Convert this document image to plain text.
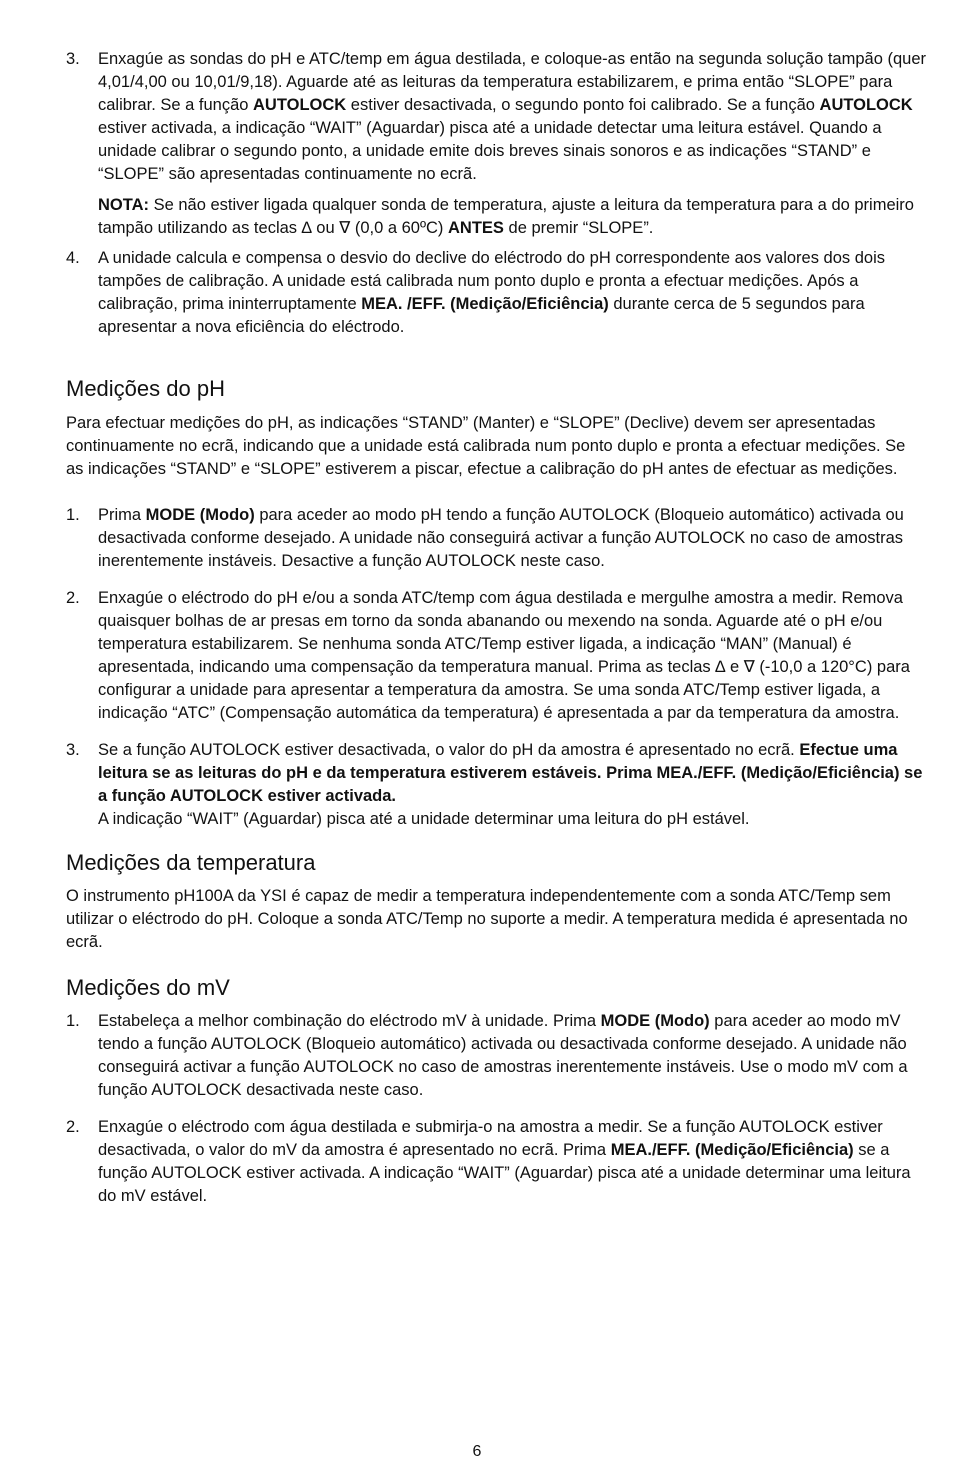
3. Enxagúe as sondas do pH e ATC/temp em água destilada, e coloque-as então na segunda solução tampão (quer 4,01/4,00 ou 10,01/9,18). Aguarde até as leituras da temperatura estabilizarem, e prima então “SLOPE” para calibrar. Se a função AUTOLOCK estiver desactivada, o segundo ponto foi calibrado. Se a função AUTOLOCK estiver activada, a indicação “WAIT” (Aguardar) pisca até a unidade detectar uma leitura estável. Quando a unidade calibrar o segundo ponto, a unidade emite dois breves sinais sonoros e as indicações “STAND” e “SLOPE” são apresentadas continuamente no ecrã.
NOTA: Se não estiver ligada qualquer sonda de temperatura, ajuste a leitura da temperatura para a do primeiro tampão utilizando as teclas ∆ ou ∇ (0,0 a 60ºC) ANTES de premir “SLOPE”.
4. A unidade calcula e compensa o desvio do declive do eléctrodo do pH correspondente aos valores dos dois tampões de calibração. A unidade está calibrada num ponto duplo e pronta a efectuar medições. Após a calibração, prima ininterruptamente MEA. /EFF. (Medição/Eficiência) durante cerca de 5 segundos para apresentar a nova eficiência do eléctrodo.
Medições do pH
Para efectuar medições do pH, as indicações “STAND” (Manter) e “SLOPE” (Declive) devem ser apresentadas continuamente no ecrã, indicando que a unidade está calibrada num ponto duplo e pronta a efectuar medições. Se as indicações “STAND” e “SLOPE” estiverem a piscar, efectue a calibração do pH antes de efectuar as medições.
1. Prima MODE (Modo) para aceder ao modo pH tendo a função AUTOLOCK (Bloqueio automático) activada ou desactivada conforme desejado. A unidade não conseguirá activar a função AUTOLOCK no caso de amostras inerentemente instáveis. Desactive a função AUTOLOCK neste caso.
2. Enxagúe o eléctrodo do pH e/ou a sonda ATC/temp com água destilada e mergulhe amostra a medir. Remova quaisquer bolhas de ar presas em torno da sonda abanando ou mexendo na sonda. Aguarde até o pH e/ou temperatura estabilizarem. Se nenhuma sonda ATC/Temp estiver ligada, a indicação “MAN” (Manual) é apresentada, indicando uma compensação da temperatura manual. Prima as teclas ∆ e ∇ (-10,0 a 120°C) para configurar a unidade para apresentar a temperatura da amostra. Se uma sonda ATC/Temp estiver ligada, a indicação “ATC” (Compensação automática da temperatura) é apresentada a par da temperatura da amostra.
3. Se a função AUTOLOCK estiver desactivada, o valor do pH da amostra é apresentado no ecrã. Efectue uma leitura se as leituras do pH e da temperatura estiverem estáveis. Prima MEA./EFF. (Medição/Eficiência) se a função AUTOLOCK estiver activada.
A indicação “WAIT” (Aguardar) pisca até a unidade determinar uma leitura do pH estável.
Medições da temperatura
O instrumento pH100A da YSI é capaz de medir a temperatura independentemente com a sonda ATC/Temp sem utilizar o eléctrodo do pH. Coloque a sonda ATC/Temp no suporte a medir. A temperatura medida é apresentada no ecrã.
Medições do mV
1. Estabeleça a melhor combinação do eléctrodo mV à unidade. Prima MODE (Modo) para aceder ao modo mV tendo a função AUTOLOCK (Bloqueio automático) activada ou desactivada conforme desejado. A unidade não conseguirá activar a função AUTOLOCK no caso de amostras inerentemente instáveis. Use o modo mV com a função AUTOLOCK desactivada neste caso.
2. Enxagúe o eléctrodo com água destilada e submirja-o na amostra a medir. Se a função AUTOLOCK estiver desactivada, o valor do mV da amostra é apresentado no ecrã. Prima MEA./EFF. (Medição/Eficiência) se a função AUTOLOCK estiver activada. A indicação “WAIT” (Aguardar) pisca até a unidade determinar uma leitura do mV estável.
6
